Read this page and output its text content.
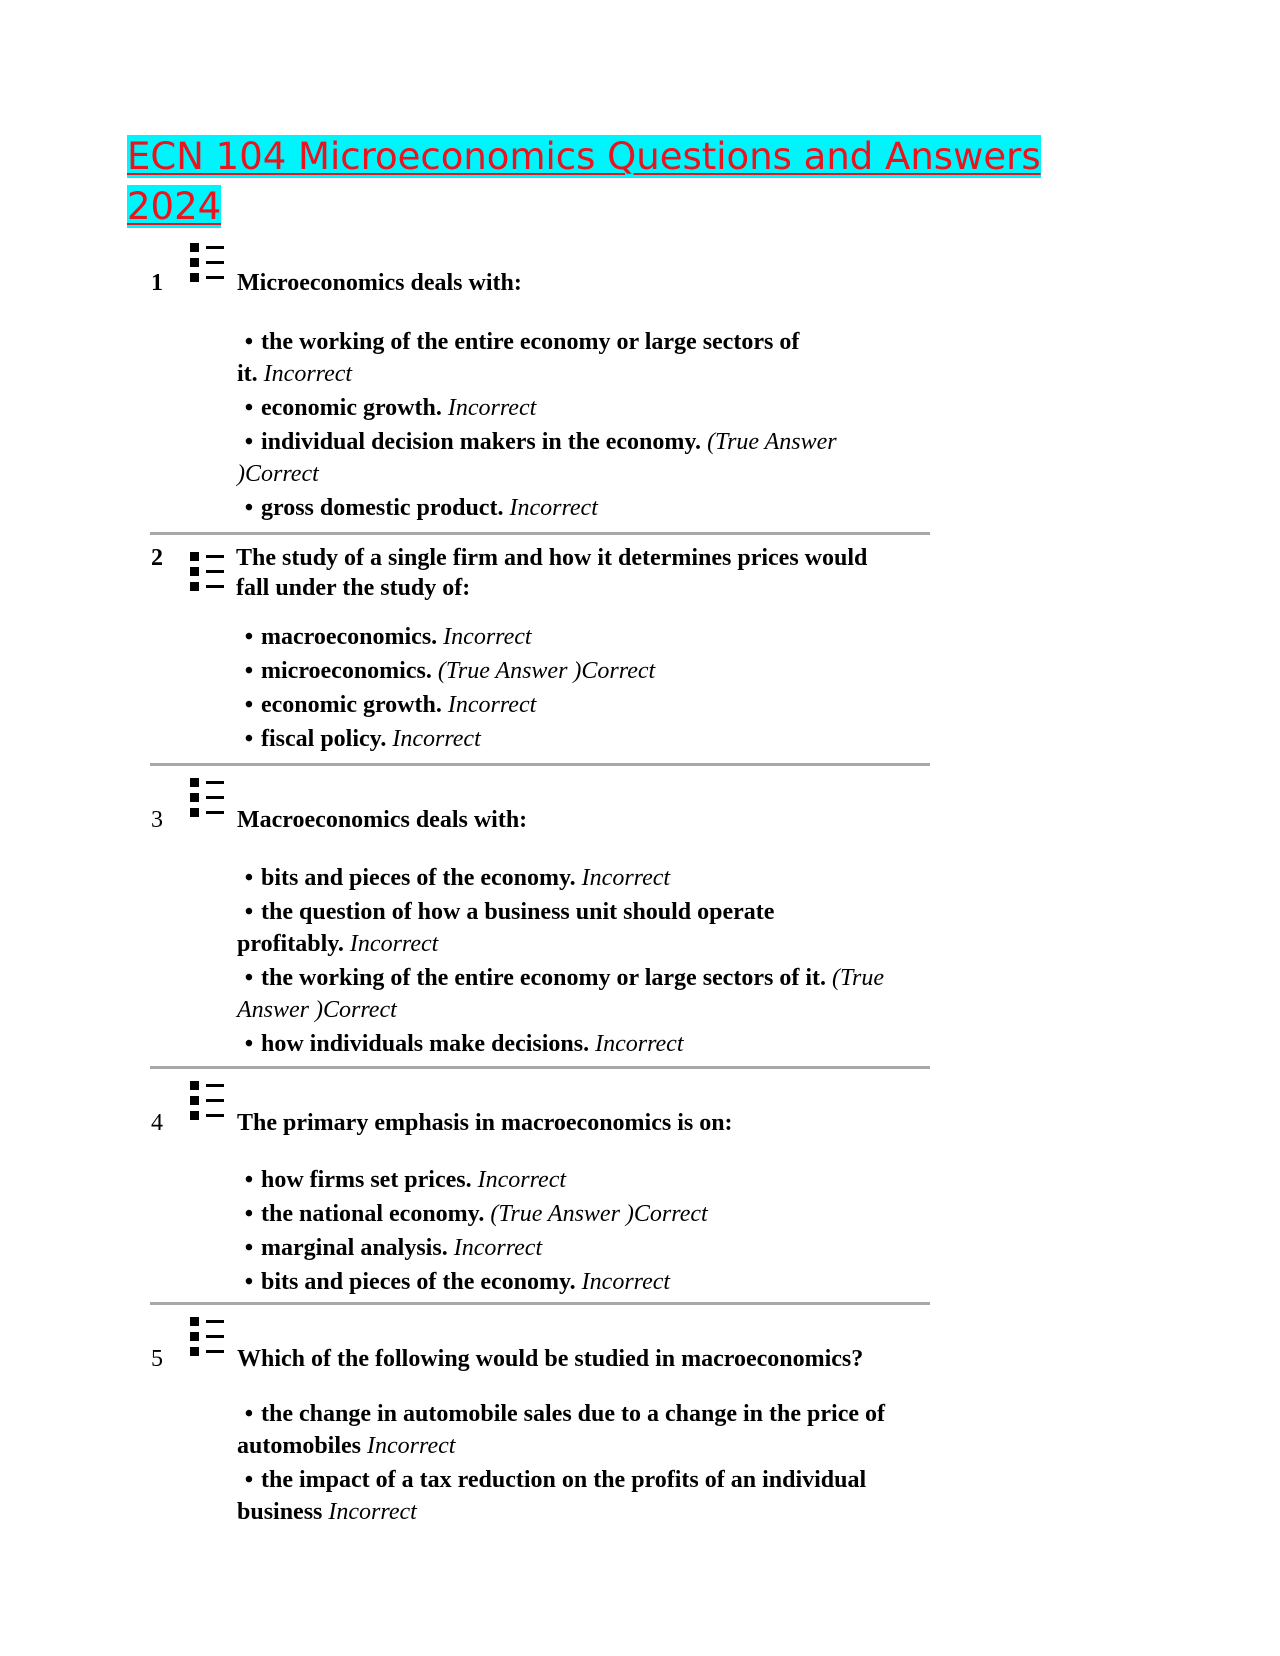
ECN 104 Microeconomics Questions and Answers 2024
1	Microeconomics deals with:
• the working of the entire economy or large sectors of it. Incorrect
• economic growth. Incorrect
• individual decision makers in the economy. (True Answer )Correct
• gross domestic product. Incorrect
2	The study of a single firm and how it determines prices would fall under the study of:
• macroeconomics. Incorrect
• microeconomics. (True Answer )Correct
• economic growth. Incorrect
• fiscal policy. Incorrect
3	Macroeconomics deals with:
• bits and pieces of the economy. Incorrect
• the question of how a business unit should operate profitably. Incorrect
• the working of the entire economy or large sectors of it. (True Answer )Correct
• how individuals make decisions. Incorrect
4	The primary emphasis in macroeconomics is on:
• how firms set prices. Incorrect
• the national economy. (True Answer )Correct
• marginal analysis. Incorrect
• bits and pieces of the economy. Incorrect
5	Which of the following would be studied in macroeconomics?
• the change in automobile sales due to a change in the price of automobiles Incorrect
• the impact of a tax reduction on the profits of an individual business Incorrect
